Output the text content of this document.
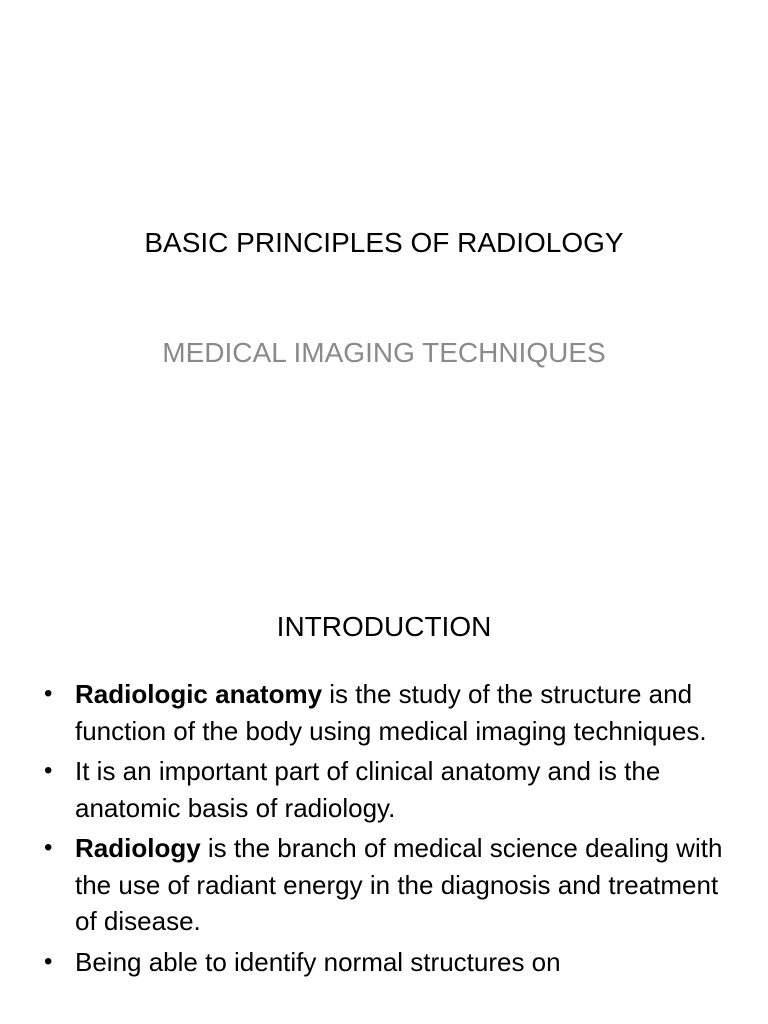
BASIC PRINCIPLES OF RADIOLOGY
MEDICAL IMAGING TECHNIQUES
INTRODUCTION
• Radiologic anatomy is the study of the structure and function of the body using medical imaging techniques.
• It is an important part of clinical anatomy and is the anatomic basis of radiology.
• Radiology is the branch of medical science dealing with the use of radiant energy in the diagnosis and treatment of disease.
• Being able to identify normal structures on
